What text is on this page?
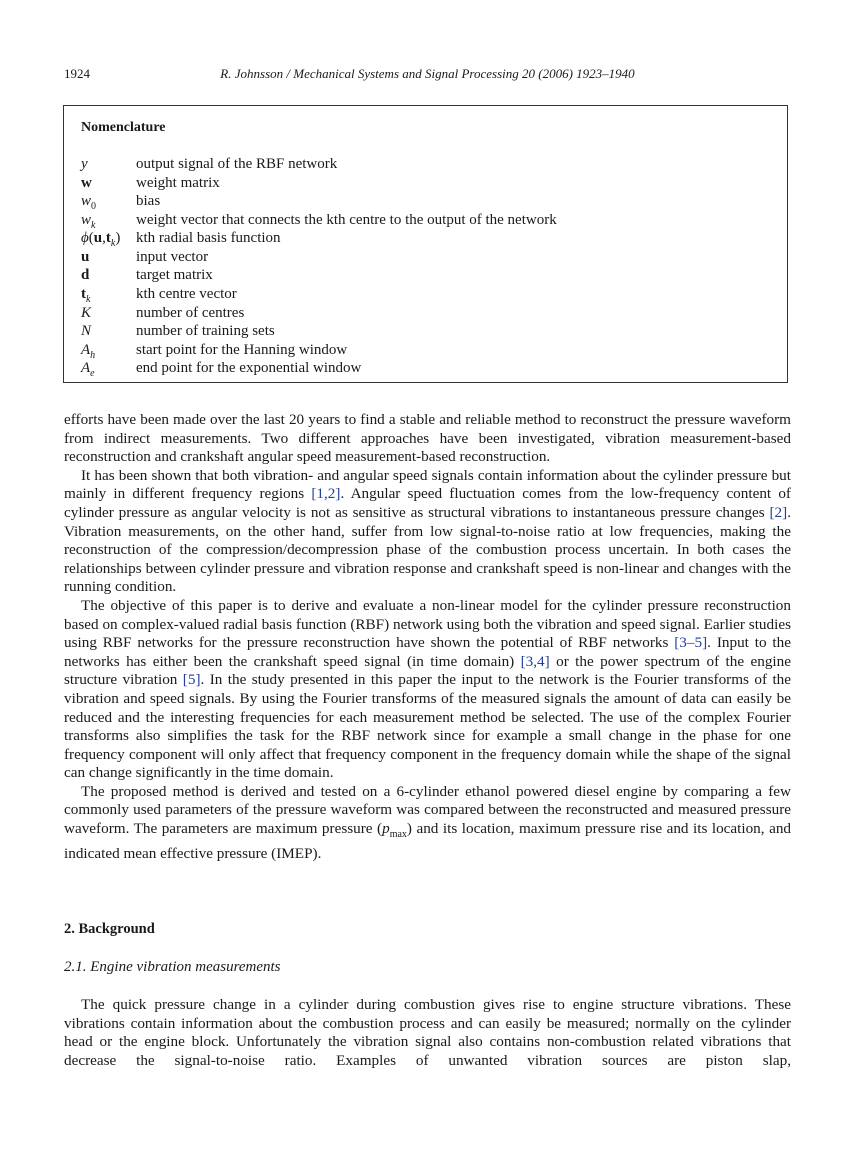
1924	R. Johnsson / Mechanical Systems and Signal Processing 20 (2006) 1923–1940
Nomenclature
y	output signal of the RBF network
w	weight matrix
$w_0$	bias
$w_k$	weight vector that connects the kth centre to the output of the network
$\phi(u,t_k)$ kth radial basis function
u	input vector
d	target matrix
$t_k$	kth centre vector
K	number of centres
N	number of training sets
$A_h$	start point for the Hanning window
$A_e$	end point for the exponential window

efforts have been made over the last 20 years to find a stable and reliable method to reconstruct the pressure waveform from indirect measurements. Two different approaches have been investigated, vibration measurement-based reconstruction and crankshaft angular speed measurement-based reconstruction.

It has been shown that both vibration- and angular speed signals contain information about the cylinder pressure but mainly in different frequency regions [1,2]. Angular speed fluctuation comes from the low-frequency content of cylinder pressure as angular velocity is not as sensitive as structural vibrations to instantaneous pressure changes [2]. Vibration measurements, on the other hand, suffer from low signal-to-noise ratio at low frequencies, making the reconstruction of the compression/decompression phase of the combustion process uncertain. In both cases the relationships between cylinder pressure and vibration response and crankshaft speed is non-linear and changes with the running condition.

The objective of this paper is to derive and evaluate a non-linear model for the cylinder pressure reconstruction based on complex-valued radial basis function (RBF) network using both the vibration and speed signal. Earlier studies using RBF networks for the pressure reconstruction have shown the potential of RBF networks [3–5]. Input to the networks has either been the crankshaft speed signal (in time domain) [3,4] or the power spectrum of the engine structure vibration [5]. In the study presented in this paper the input to the network is the Fourier transforms of the vibration and speed signals. By using the Fourier transforms of the measured signals the amount of data can easily be reduced and the interesting frequencies for each measurement method be selected. The use of the complex Fourier transforms also simplifies the task for the RBF network since for example a small change in the phase for one frequency component will only affect that frequency component in the frequency domain while the shape of the signal can change significantly in the time domain.

The proposed method is derived and tested on a 6-cylinder ethanol powered diesel engine by comparing a few commonly used parameters of the pressure waveform was compared between the reconstructed and measured pressure waveform. The parameters are maximum pressure $(p_{max})$ and its location, maximum pressure rise and its location, and indicated mean effective pressure (IMEP).

2. Background
2.1. Engine vibration measurements

The quick pressure change in a cylinder during combustion gives rise to engine structure vibrations. These vibrations contain information about the combustion process and can easily be measured; normally on the cylinder head or the engine block. Unfortunately the vibration signal also contains non-combustion related vibrations that decrease the signal-to-noise ratio. Examples of unwanted vibration sources are piston slap,
